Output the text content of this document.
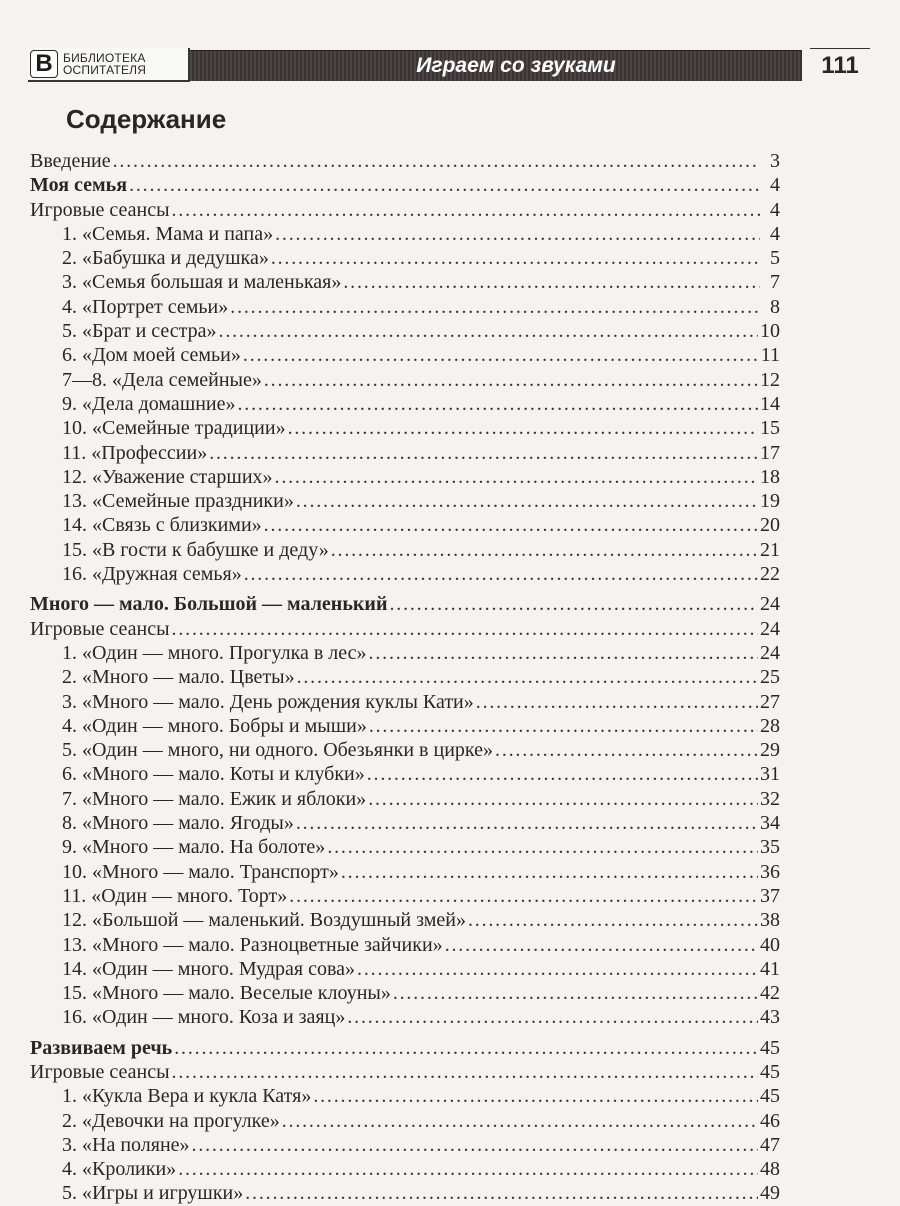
В БИБЛИОТЕКА
ОСПИТАТЕЛЯ	Играем со звуками	111
Содержание
Введение .....	3
Моя семья .....	4
Игровые сеансы .....	4
1. «Семья. Мама и папа» .....	4
2. «Бабушка и дедушка» .....	5
3. «Семья большая и маленькая» .....	7
4. «Портрет семьи» .....	8
5. «Брат и сестра» .....	10
6. «Дом моей семьи» .....	11
7—8. «Дела семейные» .....	12
9. «Дела домашние» .....	14
10. «Семейные традиции» .....	15
11. «Профессии» .....	17
12. «Уважение старших» .....	18
13. «Семейные праздники» .....	19
14. «Связь с близкими» .....	20
15. «В гости к бабушке и деду» .....	21
16. «Дружная семья» .....	22
Много — мало. Большой — маленький .....	24
Игровые сеансы .....	24
1. «Один — много. Прогулка в лес» .....	24
2. «Много — мало. Цветы» .....	25
3. «Много — мало. День рождения куклы Кати» .....	27
4. «Один — много. Бобры и мыши» .....	28
5. «Один — много, ни одного. Обезьянки в цирке» .....	29
6. «Много — мало. Коты и клубки» .....	31
7. «Много — мало. Ежик и яблоки» .....	32
8. «Много — мало. Ягоды» .....	34
9. «Много — мало. На болоте» .....	35
10. «Много — мало. Транспорт» .....	36
11. «Один — много. Торт» .....	37
12. «Большой — маленький. Воздушный змей» .....	38
13. «Много — мало. Разноцветные зайчики» .....	40
14. «Один — много. Мудрая сова» .....	41
15. «Много — мало. Веселые клоуны» .....	42
16. «Один — много. Коза и заяц» .....	43
Развиваем речь .....	45
Игровые сеансы .....	45
1. «Кукла Вера и кукла Катя» .....	45
2. «Девочки на прогулке» .....	46
3. «На поляне» .....	47
4. «Кролики» .....	48
5. «Игры и игрушки» .....	49
